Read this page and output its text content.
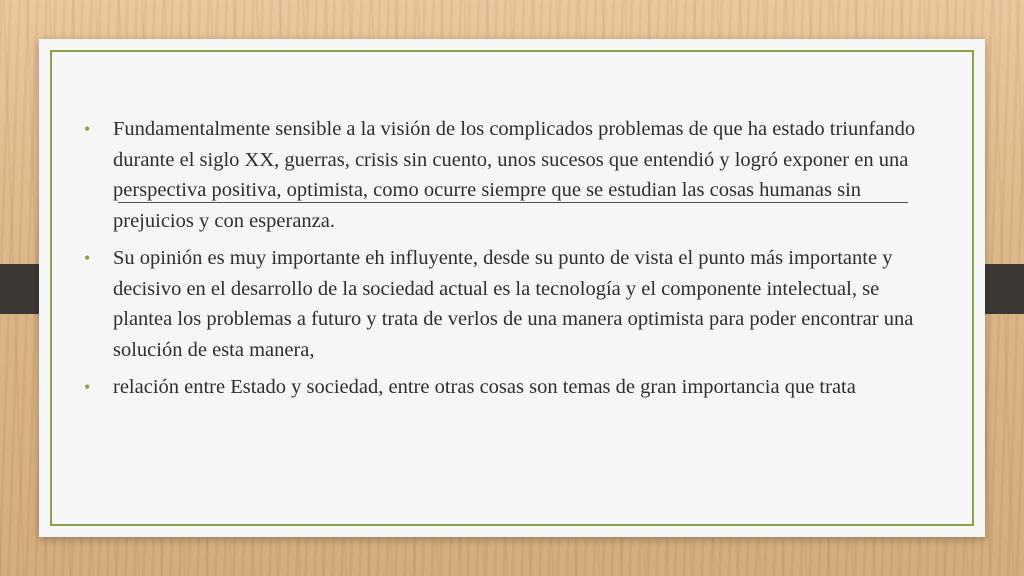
• Fundamentalmente sensible a la visión de los complicados problemas de que ha estado triunfando durante el siglo XX, guerras, crisis sin cuento, unos sucesos que entendió y logró exponer en una perspectiva positiva, optimista, como ocurre siempre que se estudian las cosas humanas sin prejuicios y con esperanza.
• Su opinión es muy importante eh influyente, desde su punto de vista el punto más importante y decisivo en el desarrollo de la sociedad actual es la tecnología y el componente intelectual, se plantea los problemas a futuro y trata de verlos de una manera optimista para poder encontrar una solución de esta manera,
• relación entre Estado y sociedad, entre otras cosas son temas de gran importancia que trata
